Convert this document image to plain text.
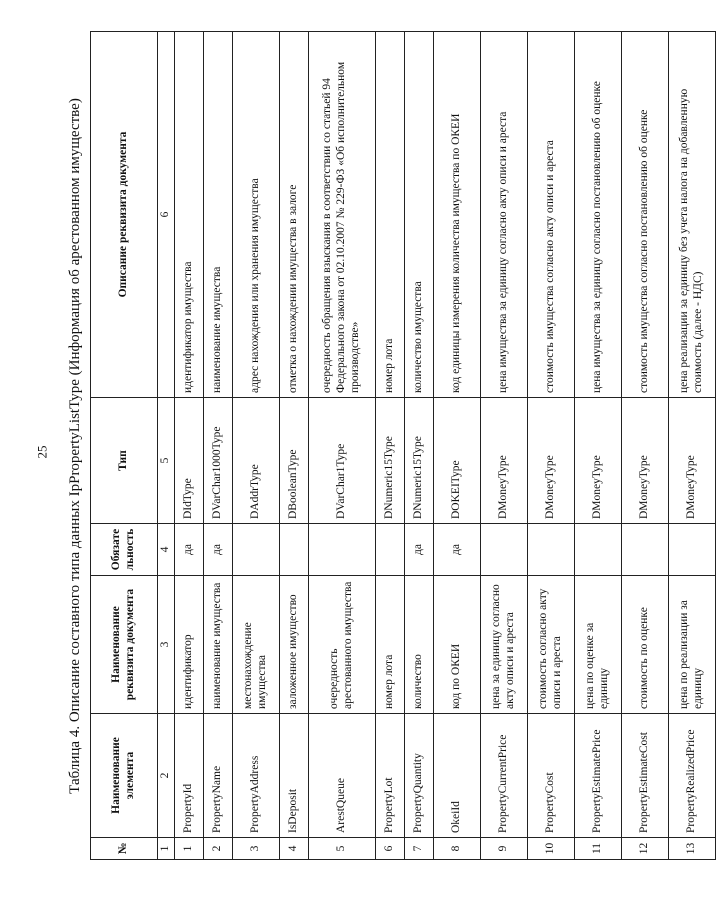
25	Таблица 4. Описание составного типа данных IpPropertyListType (Информация об арестованном имуществе)
№	Наименование элемента	Наименование реквизита документа	Обязательность	Тип	Описание реквизита документа
1	2	3	4	5	6
1	PropertyId	идентификатор	да	DIdType	идентификатор имущества
2	PropertyName	наименование имущества	да	DVarChar1000Type	наименование имущества
3	PropertyAddress	местонахождение имущества		DAddrType	адрес нахождения или хранения имущества
4	IsDeposit	заложенное имущество		DBooleanType	отметка о нахождении имущества в залоге
5	ArestQueue	очередность арестованного имущества		DVarChar1Type	очередность обращения взыскания в соответствии со статьей 94 Федерального закона от 02.10.2007 № 229-ФЗ «Об исполнительном производстве»
6	PropertyLot	номер лота		DNumeric15Type	номер лота
7	PropertyQuantity	количество	да	DNumeric15Type	количество имущества
8	OkeiId	код по ОКЕИ	да	DOKEIType	код единицы измерения количества имущества по ОКЕИ
9	PropertyCurrentPrice	цена за единицу согласно акту описи и ареста		DMoneyType	цена имущества за единицу согласно акту описи и ареста
10	PropertyCost	стоимость согласно акту описи и ареста		DMoneyType	стоимость имущества согласно акту описи и ареста
11	PropertyEstimatePrice	цена по оценке за единицу		DMoneyType	цена имущества за единицу согласно постановлению об оценке
12	PropertyEstimateCost	стоимость по оценке		DMoneyType	стоимость имущества согласно постановлению об оценке
13	PropertyRealizedPrice	цена по реализации за единицу		DMoneyType	цена реализации за единицу без учета налога на добавленную стоимость (далее - НДС)
